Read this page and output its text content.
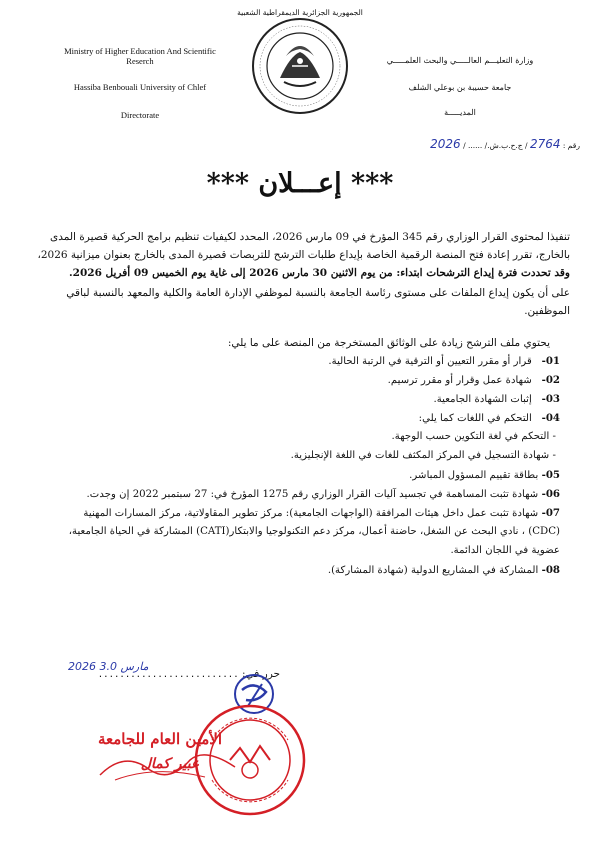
الجمهورية الجزائرية الديمقراطية الشعبية
Ministry of Higher Education And Scientific
Reserch
Hassiba Benbouali University of Chlef
Directorate
وزارة التعليـــم العالـــــي والبحث العلمـــــي
جامعة حسيبة بن بوعلي الشلف
المديـــــة
رقم : 2764 / ج.ح.ب.ش./ ...... / 2026
*** إعـــلان ***
تنفيذا لمحتوى القرار الوزاري رقم 345 المؤرخ في 09 مارس 2026، المحدد لكيفيات تنظيم برامج الحركية قصيرة المدى
بالخارج، تقرر إعادة فتح المنصة الرقمية الخاصة بإيداع طلبات الترشح للتربصات قصيرة المدى بالخارج بعنوان ميزانية 2026،
وقد تحددت فترة إيداع الترشحات ابتداء: من يوم الاثنين 30 مارس 2026 إلى غاية يوم الخميس 09 أفريل 2026.
على أن يكون إيداع الملفات على مستوى رئاسة الجامعة بالنسبة لموظفي الإدارة العامة والكلية والمعهد بالنسبة لباقي
الموظفين.
يحتوي ملف الترشح زيادة على الوثائق المستخرجة من المنصة على ما يلي:
01-   قرار أو مقرر التعيين أو الترقية في الرتبة الحالية.
02-   شهادة عمل وقرار أو مقرر ترسيم.
03-   إثبات الشهادة الجامعية.
04-   التحكم في اللغات كما يلي:
- التحكم في لغة التكوين حسب الوجهة.
- شهادة التسجيل في المركز المكثف للغات في اللغة الإنجليزية.
05- بطاقة تقييم المسؤول المباشر.
06- شهادة تثبت المساهمة في تجسيد آليات القرار الوزاري رقم 1275 المؤرخ في: 27 سبتمبر 2022 إن وجدت.
07- شهادة تثبت عمل داخل هيئات المرافقة (الواجهات الجامعية): مركز تطوير المقاولاتية، مركز المسارات المهنية
(CDC) ، نادي البحث عن الشغل، حاضنة أعمال، مركز دعم التكنولوجيا والابتكار(CATI) المشاركة في الحياة الجامعية،
عضوية في اللجان الدائمة.
08- المشاركة في المشاريع الدولية (شهادة المشاركة).
حرر في: ..........................
2026 مارس 3.0
الأمين العام للجامعة
عبير كمال
